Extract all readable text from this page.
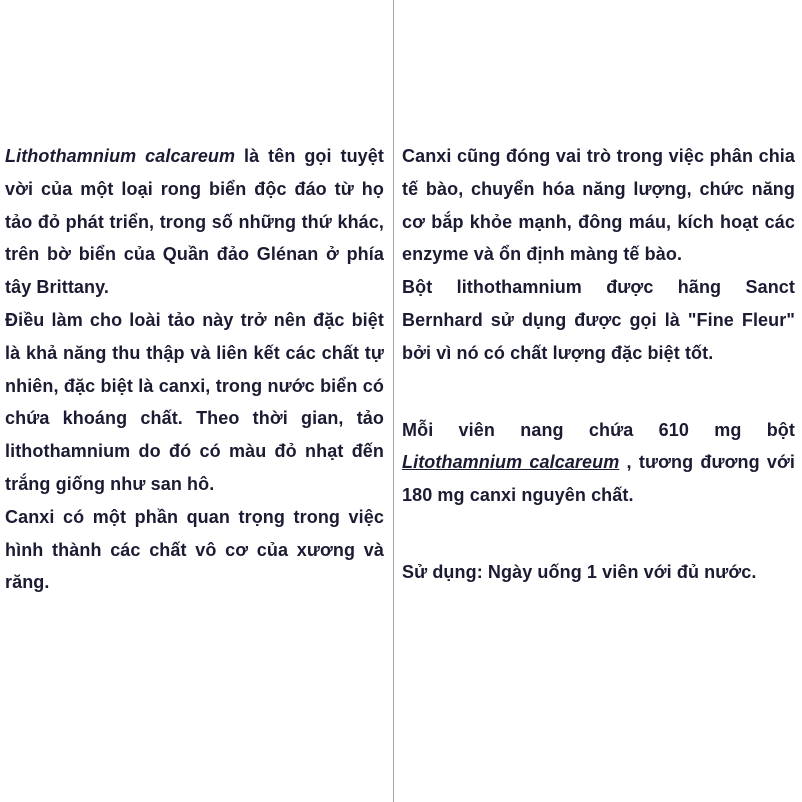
Lithothamnium calcareum là tên gọi tuyệt vời của một loại rong biển độc đáo từ họ tảo đỏ phát triển, trong số những thứ khác, trên bờ biển của Quần đảo Glénan ở phía tây Brittany.

Điều làm cho loài tảo này trở nên đặc biệt là khả năng thu thập và liên kết các chất tự nhiên, đặc biệt là canxi, trong nước biển có chứa khoáng chất. Theo thời gian, tảo lithothamnium do đó có màu đỏ nhạt đến trắng giống như san hô.

Canxi có một phần quan trọng trong việc hình thành các chất vô cơ của xương và răng.

Canxi cũng đóng vai trò trong việc phân chia tế bào, chuyển hóa năng lượng, chức năng cơ bắp khỏe mạnh, đông máu, kích hoạt các enzyme và ổn định màng tế bào.

Bột lithothamnium được hãng Sanct Bernhard sử dụng được gọi là "Fine Fleur" bởi vì nó có chất lượng đặc biệt tốt.

Mỗi viên nang chứa 610 mg bột Litothamnium calcareum , tương đương với 180 mg canxi nguyên chất.

Sử dụng: Ngày uống 1 viên với đủ nước.
